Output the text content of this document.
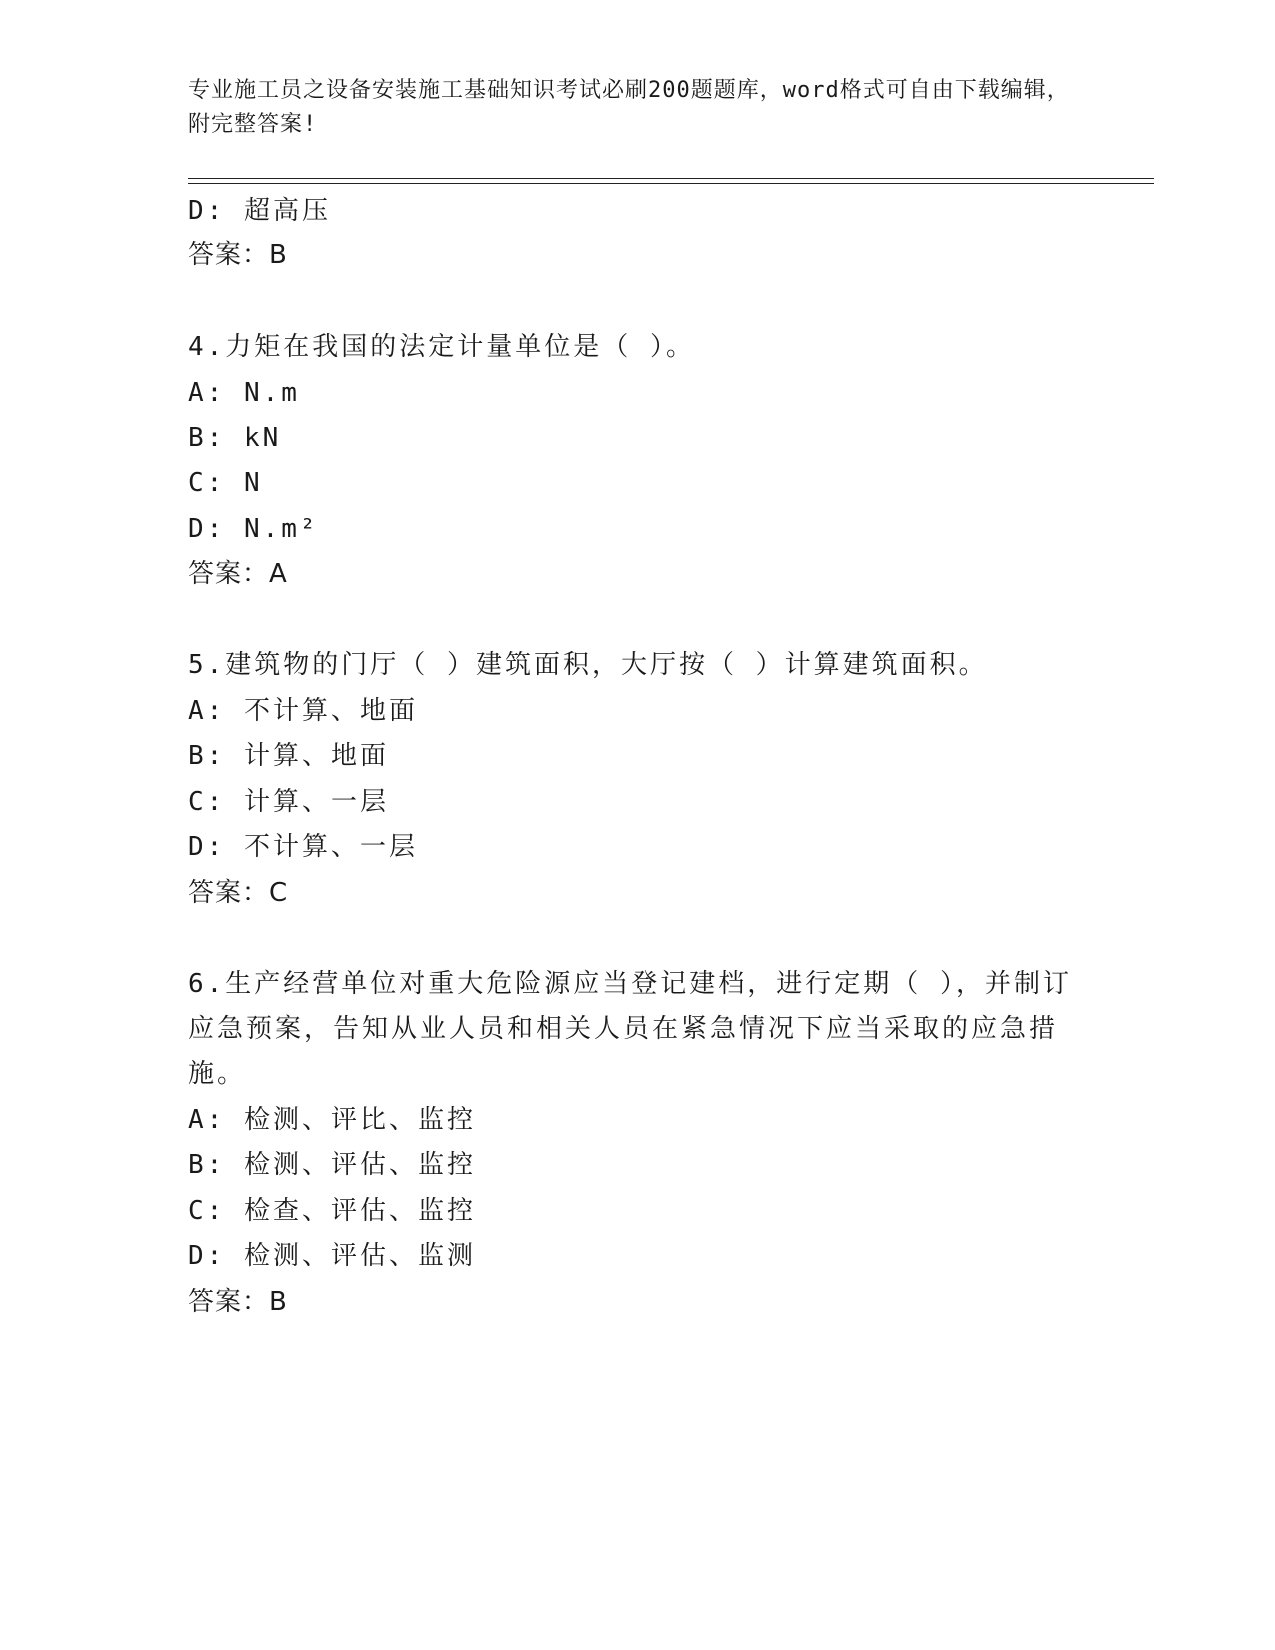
专业施工员之设备安装施工基础知识考试必刷200题题库，word格式可自由下载编辑，附完整答案!
D: 超高压
答案：B
4.力矩在我国的法定计量单位是（ ）。
A: N.m
B: kN
C: N
D: N.m²
答案：A
5.建筑物的门厅（ ）建筑面积，大厅按（ ）计算建筑面积。
A: 不计算、地面
B: 计算、地面
C: 计算、一层
D: 不计算、一层
答案：C
6.生产经营单位对重大危险源应当登记建档，进行定期（ ），并制订应急预案，告知从业人员和相关人员在紧急情况下应当采取的应急措施。
A: 检测、评比、监控
B: 检测、评估、监控
C: 检查、评估、监控
D: 检测、评估、监测
答案：B
